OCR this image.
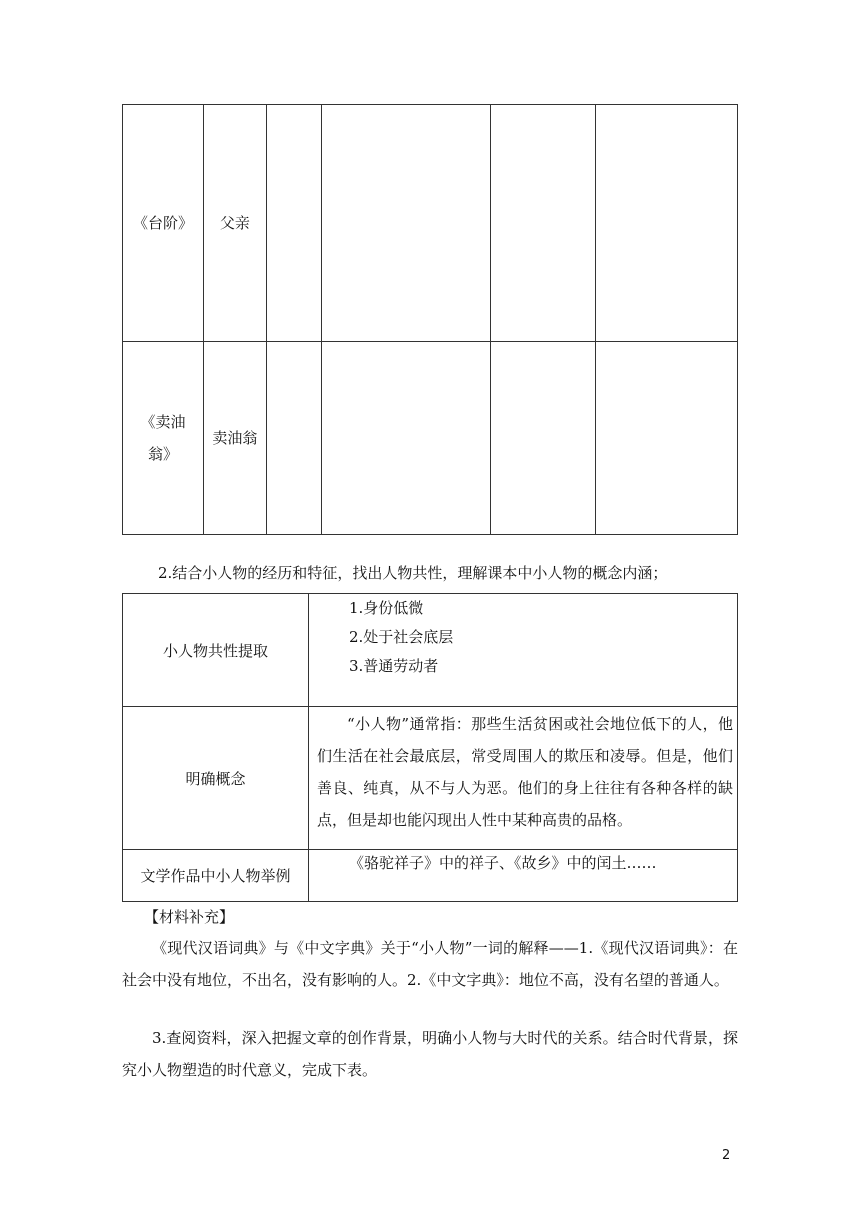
《台阶》	父亲				
《卖油翁》	卖油翁				

2.结合小人物的经历和特征，找出人物共性，理解课本中小人物的概念内涵；

小人物共性提取	1.身份低微
2.处于社会底层
3.普通劳动者

明确概念	“小人物”通常指：那些生活贫困或社会地位低下的人，他们生活在社会最底层，常受周围人的欺压和凌辱。但是，他们善良、纯真，从不与人为恶。他们的身上往往有各种各样的缺点，但是却也能闪现出人性中某种高贵的品格。

文学作品中小人物举例	《骆驼祥子》中的祥子、《故乡》中的闰土……

【材料补充】

《现代汉语词典》与《中文字典》关于“小人物”一词的解释——1.《现代汉语词典》：在社会中没有地位，不出名，没有影响的人。2.《中文字典》：地位不高，没有名望的普通人。

3.查阅资料，深入把握文章的创作背景，明确小人物与大时代的关系。结合时代背景，探究小人物塑造的时代意义，完成下表。

2
